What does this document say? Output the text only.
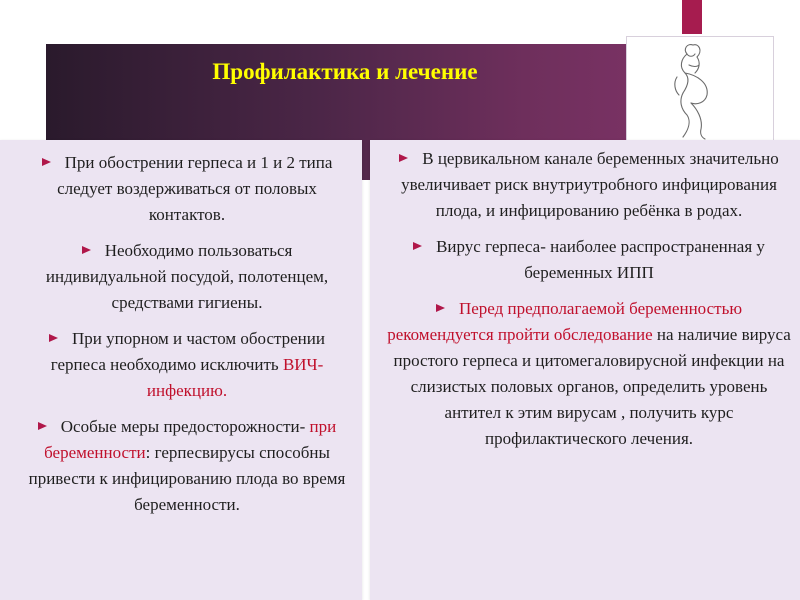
Профилактика и лечение
При обострении герпеса и 1 и 2 типа следует воздерживаться от половых контактов.
Необходимо пользоваться индивидуальной посудой, полотенцем, средствами гигиены.
При упорном и частом обострении герпеса необходимо исключить ВИЧ-инфекцию.
Особые меры предосторожности- при беременности: герпесвирусы способны привести к инфицированию плода во время беременности.
В цервикальном канале беременных значительно увеличивает риск внутриутробного инфицирования плода, и инфицированию ребёнка в родах.
Вирус герпеса- наиболее распространенная у беременных ИПП
Перед предполагаемой беременностью рекомендуется пройти обследование на наличие вируса простого герпеса и цитомегаловирусной инфекции на слизистых половых органов, определить уровень антител к этим вирусам , получить курс профилактического лечения.
